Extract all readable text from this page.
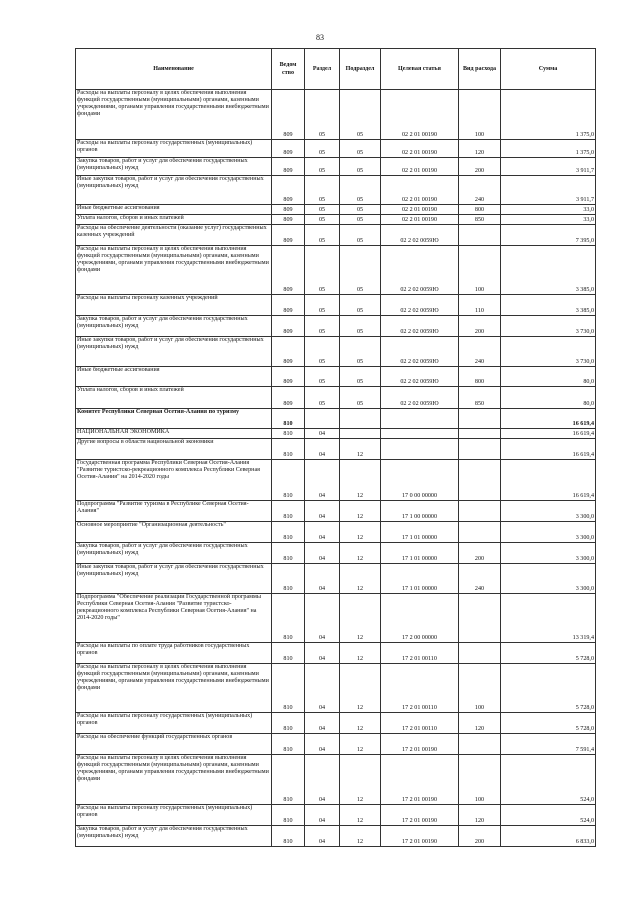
83
Наименование	Ведом ство	Раздел	Подраздел	Целевая статья	Вид расхода	Сумма
Расходы на выплаты персоналу в целях обеспечения выполнения функций государственными (муниципальными) органами, казенными учреждениями, органами управления государственными внебюджетными фондами	809	05	05	02 2 01 00190	100	1 375,0
Расходы на выплаты персоналу государственных (муниципальных) органов	809	05	05	02 2 01 00190	120	1 375,0
Закупка товаров, работ и услуг для обеспечения государственных (муниципальных) нужд	809	05	05	02 2 01 00190	200	3 911,7
Иные закупки товаров, работ и услуг для обеспечения государственных (муниципальных) нужд	809	05	05	02 2 01 00190	240	3 911,7
Иные бюджетные ассигнования	809	05	05	02 2 01 00190	800	33,0
Уплата налогов, сборов и иных платежей	809	05	05	02 2 01 00190	850	33,0
Расходы на обеспечение деятельности (оказание услуг) государственных казенных учреждений	809	05	05	02 2 02 0059Ю		7 395,0
Расходы на выплаты персоналу в целях обеспечения выполнения функций государственными (муниципальными) органами, казенными учреждениями, органами управления государственными внебюджетными фондами	809	05	05	02 2 02 0059Ю	100	3 385,0
Расходы на выплаты персоналу казенных учреждений	809	05	05	02 2 02 0059Ю	110	3 385,0
Закупка товаров, работ и услуг для обеспечения государственных (муниципальных) нужд	809	05	05	02 2 02 0059Ю	200	3 730,0
Иные закупки товаров, работ и услуг для обеспечения государственных (муниципальных) нужд	809	05	05	02 2 02 0059Ю	240	3 730,0
Иные бюджетные ассигнования	809	05	05	02 2 02 0059Ю	800	80,0
Уплата налогов, сборов и иных платежей	809	05	05	02 2 02 0059Ю	850	80,0
Комитет Республики Северная Осетия-Алания по туризму	810					16 619,4
НАЦИОНАЛЬНАЯ ЭКОНОМИКА	810	04				16 619,4
Другие вопросы в области национальной экономики	810	04	12			16 619,4
Государственная программа Республики Северная Осетия-Алания "Развитие туристско-рекреационного комплекса Республики Северная Осетия-Алания" на 2014-2020 годы	810	04	12	17 0 00 00000		16 619,4
Подпрограмма "Развитие туризма в Республике Северная Осетия-Алания"	810	04	12	17 1 00 00000		3 300,0
Основное мероприятие "Организационная деятельность"	810	04	12	17 1 01 00000		3 300,0
Закупка товаров, работ и услуг для обеспечения государственных (муниципальных) нужд	810	04	12	17 1 01 00000	200	3 300,0
Иные закупки товаров, работ и услуг для обеспечения государственных (муниципальных) нужд	810	04	12	17 1 01 00000	240	3 300,0
Подпрограмма "Обеспечение реализации Государственной программы Республики Северная Осетия-Алания "Развитие туристско-рекреационного комплекса Республики Северная Осетия-Алания" на 2014-2020 годы"	810	04	12	17 2 00 00000		13 319,4
Расходы на выплаты по оплате труда работников государственных органов	810	04	12	17 2 01 00110		5 728,0
Расходы на выплаты персоналу в целях обеспечения выполнения функций государственными (муниципальными) органами, казенными учреждениями, органами управления государственными внебюджетными фондами	810	04	12	17 2 01 00110	100	5 728,0
Расходы на выплаты персоналу государственных (муниципальных) органов	810	04	12	17 2 01 00110	120	5 728,0
Расходы на обеспечение функций государственных органов	810	04	12	17 2 01 00190		7 591,4
Расходы на выплаты персоналу в целях обеспечения выполнения функций государственными (муниципальными) органами, казенными учреждениями, органами управления государственными внебюджетными фондами	810	04	12	17 2 01 00190	100	524,0
Расходы на выплаты персоналу государственных (муниципальных) органов	810	04	12	17 2 01 00190	120	524,0
Закупка товаров, работ и услуг для обеспечения государственных (муниципальных) нужд	810	04	12	17 2 01 00190	200	6 833,0
